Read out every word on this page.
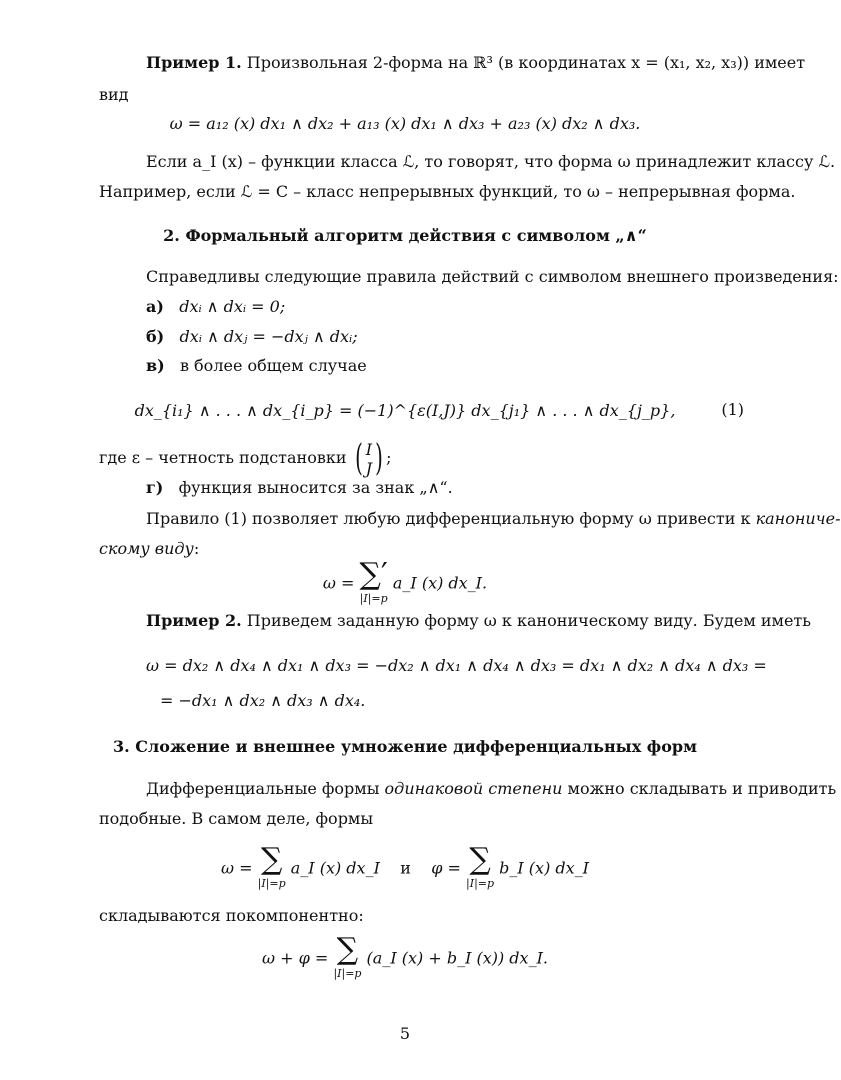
Пример 1. Произвольная 2-форма на ℝ³ (в координатах x = (x₁, x₂, x₃)) имеет
вид
ω = a₁₂ (x) dx₁ ∧ dx₂ + a₁₃ (x) dx₁ ∧ dx₃ + a₂₃ (x) dx₂ ∧ dx₃.
Если a_I (x) – функции класса ℒ, то говорят, что форма ω принадлежит классу ℒ.
Например, если ℒ = C – класс непрерывных функций, то ω – непрерывная форма.
2. Формальный алгоритм действия с символом „∧“
Справедливы следующие правила действий с символом внешнего произведения:
а) dxᵢ ∧ dxᵢ = 0;
б) dxᵢ ∧ dxⱼ = −dxⱼ ∧ dxᵢ;
в) в более общем случае
dx_{i₁} ∧ . . . ∧ dx_{i_p} = (−1)^{ε(I,J)} dx_{j₁} ∧ . . . ∧ dx_{j_p},	(1)
где ε – четность подстановки ( I
J ) ;
г) функция выносится за знак „∧“.
Правило (1) позволяет любую дифференциальную форму ω привести к канониче-
скому виду:
ω = ∑′
|I|=p
a_I (x) dx_I.
Пример 2. Приведем заданную форму ω к каноническому виду. Будем иметь
ω = dx₂ ∧ dx₄ ∧ dx₁ ∧ dx₃ = −dx₂ ∧ dx₁ ∧ dx₄ ∧ dx₃ = dx₁ ∧ dx₂ ∧ dx₄ ∧ dx₃ =
= −dx₁ ∧ dx₂ ∧ dx₃ ∧ dx₄.
3. Сложение и внешнее умножение дифференциальных форм
Дифференциальные формы одинаковой степени можно складывать и приводить
подобные. В самом деле, формы
ω = ∑
|I|=p
a_I (x) dx_I и φ = ∑
|I|=p
b_I (x) dx_I
складываются покомпонентно:
ω + φ = ∑
|I|=p
(a_I (x) + b_I (x)) dx_I.
5
